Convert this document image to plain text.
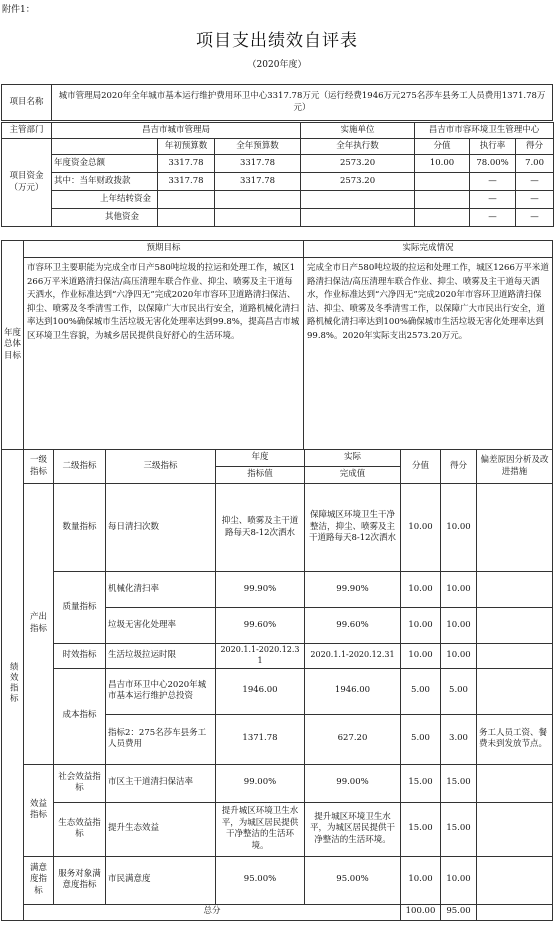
附件1：
项目支出绩效自评表
（2020年度）
项目名称	城市管理局2020年全年城市基本运行维护费用环卫中心3317.78万元（运行经费1946万元275名莎车县务工人员费用1371.78万元）
主管部门	昌吉市城市管理局			实施单位	昌吉市市容环境卫生管理中心		
项目资金（万元）		年初预算数	全年预算数	全年执行数	分值	执行率	得分
	年度资金总额	3317.78	3317.78	2573.20	10.00	78.00%	7.00
	其中：当年财政拨款	3317.78	3317.78	2573.20		—	—
	上年结转资金					—	—
	其他资金					—	—
年度总体目标	预期目标	实际完成情况
	市容环卫主要职能为完成全市日产580吨垃圾的拉运和处理工作，城区1266万平米道路清扫保洁/高压清理车联合作业、抑尘、喷雾及主干道每天洒水，作业标准达到“六净四无”完成2020年市容环卫道路清扫保洁、抑尘、喷雾及冬季清雪工作，以保障广大市民出行安全，道路机械化清扫率达到100%确保城市生活垃圾无害化处理率达到99.8%，提高昌吉市城区环境卫生容貌，为城乡居民提供良好舒心的生活环境。	完成全市日产580吨垃圾的拉运和处理工作，城区1266万平米道路清扫保洁/高压清理车联合作业、抑尘、喷雾及主干道每天洒水，作业标准达到“六净四无”完成2020年市容环卫道路清扫保洁、抑尘、喷雾及冬季清雪工作，以保障广大市民出行安全，道路机械化清扫率达到100%确保城市生活垃圾无害化处理率达到99.8%。2020年实际支出2573.20万元。
绩效指标	一级指标	二级指标	三级指标	年度	实际	分值	得分	偏差原因分析及改进措施
				指标值	完成值			
	产出指标	数量指标	每日清扫次数	抑尘、喷雾及主干道路每天8-12次洒水	保障城区环境卫生干净整洁，抑尘、喷雾及主干道路每天8-12次洒水	10.00	10.00	
		质量指标	机械化清扫率	99.90%	99.90%	10.00	10.00	
			垃圾无害化处理率	99.60%	99.60%	10.00	10.00	
		时效指标	生活垃圾拉运时限	2020.1.1-2020.12.31	2020.1.1-2020.12.31	10.00	10.00	
		成本指标	昌吉市环卫中心2020年城市基本运行维护总投资	1946.00	1946.00	5.00	5.00	
			指标2：275名莎车县务工人员费用	1371.78	627.20	5.00	3.00	务工人员工资、餐费未到发放节点。
	效益指标	社会效益指标	市区主干道清扫保洁率	99.00%	99.00%	15.00	15.00	
		生态效益指标	提升生态效益	提升城区环境卫生水平，为城区居民提供干净整洁的生活环境。	提升城区环境卫生水平，为城区居民提供干净整洁的生活环境。	15.00	15.00	
	满意度指标	服务对象满意度指标	市民满意度	95.00%	95.00%	10.00	10.00	
	总分					100.00	95.00	
